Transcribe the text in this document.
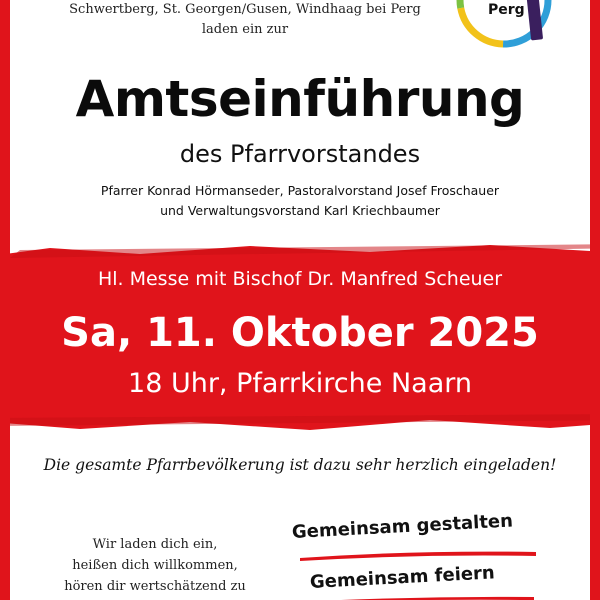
Schwertberg, St. Georgen/Gusen, Windhaag bei Perg
laden ein zur
Perg
Amtseinführung
des Pfarrvorstandes
Pfarrer Konrad Hörmanseder, Pastoralvorstand Josef Froschauer
und Verwaltungsvorstand Karl Kriechbaumer
Hl. Messe mit Bischof Dr. Manfred Scheuer
Sa, 11. Oktober 2025
18 Uhr, Pfarrkirche Naarn
Die gesamte Pfarrbevölkerung ist dazu sehr herzlich eingeladen!
Wir laden dich ein,
heißen dich willkommen,
hören dir wertschätzend zu
Gemeinsam gestalten
Gemeinsam feiern
